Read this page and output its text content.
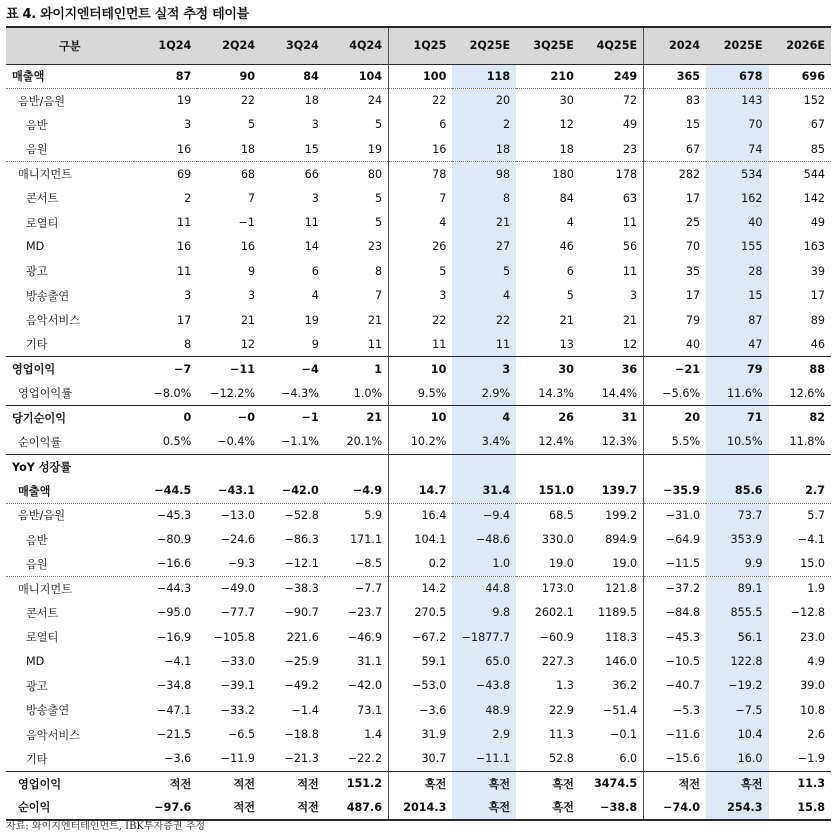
표 4. 와이지엔터테인먼트 실적 추정 테이블
구분	1Q24	2Q24	3Q24	4Q24	1Q25	2Q25E	3Q25E	4Q25E	2024	2025E	2026E
매출액	87	90	84	104	100	118	210	249	365	678	696
음반/음원	19	22	18	24	22	20	30	72	83	143	152
음반	3	5	3	5	6	2	12	49	15	70	67
음원	16	18	15	19	16	18	18	23	67	74	85
매니지먼트	69	68	66	80	78	98	180	178	282	534	544
콘서트	2	7	3	5	7	8	84	63	17	162	142
로열티	11	−1	11	5	4	21	4	11	25	40	49
MD	16	16	14	23	26	27	46	56	70	155	163
광고	11	9	6	8	5	5	6	11	35	28	39
방송출연	3	3	4	7	3	4	5	3	17	15	17
음악서비스	17	21	19	21	22	22	21	21	79	87	89
기타	8	12	9	11	11	11	13	12	40	47	46
영업이익	−7	−11	−4	1	10	3	30	36	−21	79	88
영업이익률	−8.0%	−12.2%	−4.3%	1.0%	9.5%	2.9%	14.3%	14.4%	−5.6%	11.6%	12.6%
당기순이익	0	−0	−1	21	10	4	26	31	20	71	82
순이익률	0.5%	−0.4%	−1.1%	20.1%	10.2%	3.4%	12.4%	12.3%	5.5%	10.5%	11.8%
YoY 성장률											
매출액	−44.5	−43.1	−42.0	−4.9	14.7	31.4	151.0	139.7	−35.9	85.6	2.7
음반/음원	−45.3	−13.0	−52.8	5.9	16.4	−9.4	68.5	199.2	−31.0	73.7	5.7
음반	−80.9	−24.6	−86.3	171.1	104.1	−48.6	330.0	894.9	−64.9	353.9	−4.1
음원	−16.6	−9.3	−12.1	−8.5	0.2	1.0	19.0	19.0	−11.5	9.9	15.0
매니지먼트	−44.3	−49.0	−38.3	−7.7	14.2	44.8	173.0	121.8	−37.2	89.1	1.9
콘서트	−95.0	−77.7	−90.7	−23.7	270.5	9.8	2602.1	1189.5	−84.8	855.5	−12.8
로열티	−16.9	−105.8	221.6	−46.9	−67.2	−1877.7	−60.9	118.3	−45.3	56.1	23.0
MD	−4.1	−33.0	−25.9	31.1	59.1	65.0	227.3	146.0	−10.5	122.8	4.9
광고	−34.8	−39.1	−49.2	−42.0	−53.0	−43.8	1.3	36.2	−40.7	−19.2	39.0
방송출연	−47.1	−33.2	−1.4	73.1	−3.6	48.9	22.9	−51.4	−5.3	−7.5	10.8
음악서비스	−21.5	−6.5	−18.8	1.4	31.9	2.9	11.3	−0.1	−11.6	10.4	2.6
기타	−3.6	−11.9	−21.3	−22.2	30.7	−11.1	52.8	6.0	−15.6	16.0	−1.9
영업이익	적전	적전	적전	151.2	흑전	흑전	흑전	3474.5	적전	흑전	11.3
순이익	−97.6	적전	적전	487.6	2014.3	흑전	흑전	−38.8	−74.0	254.3	15.8
자료: 와이지엔터테인먼트, IBK투자증권 추정
